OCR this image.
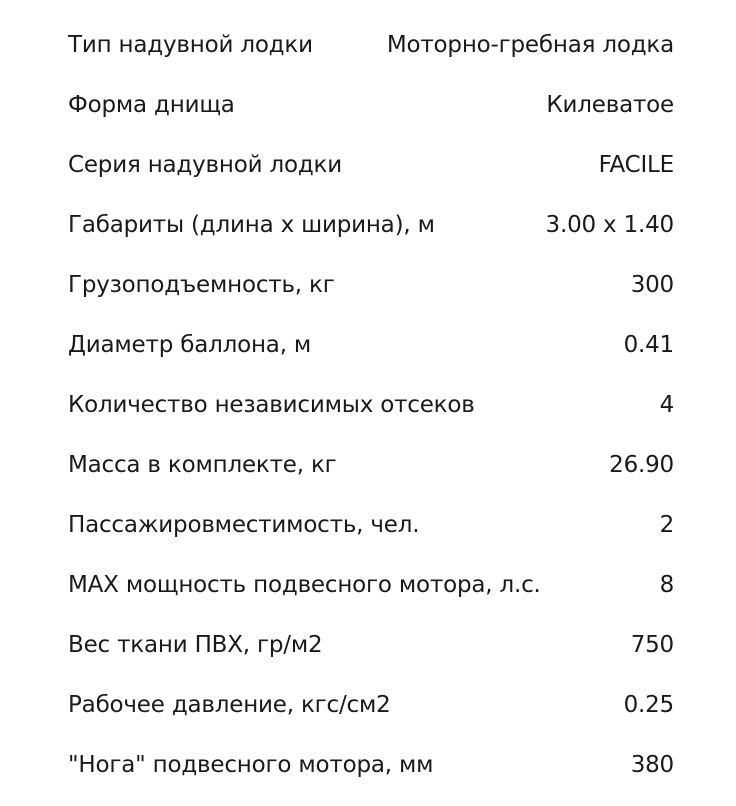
Тип надувной лодки	Моторно-гребная лодка
Форма днища	Килеватое
Серия надувной лодки	FACILE
Габариты (длина х ширина), м	3.00 x 1.40
Грузоподъемность, кг	300
Диаметр баллона, м	0.41
Количество независимых отсеков	4
Масса в комплекте, кг	26.90
Пассажировместимость, чел.	2
MAX мощность подвесного мотора, л.с.	8
Вес ткани ПВХ, гр/м2	750
Рабочее давление, кгс/см2	0.25
"Нога" подвесного мотора, мм	380
